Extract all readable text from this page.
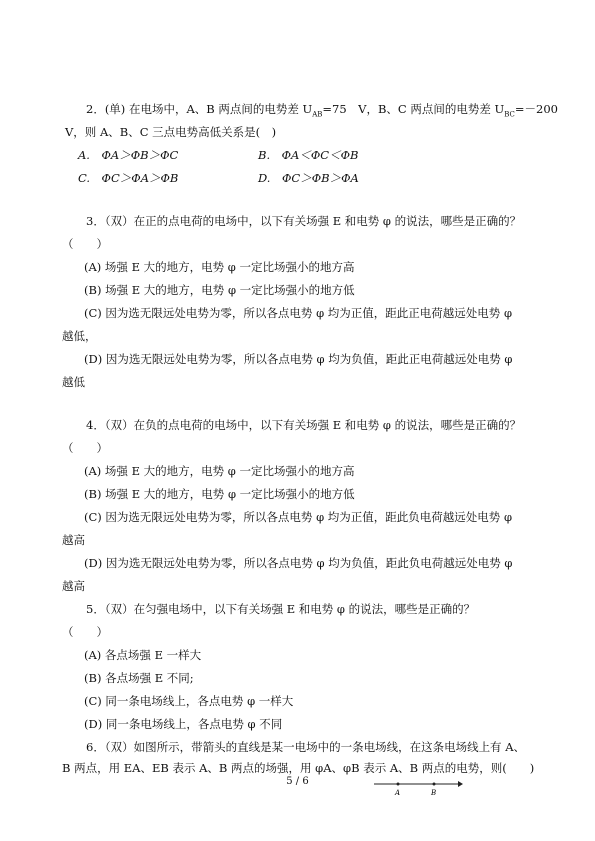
2．(单) 在电场中，A、B 两点间的电势差 $U_{AB}=75$　V，B、C 两点间的电势差 $U_{BC}=-200$
V，则 A、B、C 三点电势高低关系是(　)
A.　ΦA＞ΦB＞ΦC	B.　ΦA＜ΦC＜ΦB
C.　ΦC＞ΦA＞ΦB	D.　ΦC＞ΦB＞ΦA
3．（双）在正的点电荷的电场中，以下有关场强 E 和电势 φ 的说法，哪些是正确的？
（　　）
(A) 场强 E 大的地方，电势 φ 一定比场强小的地方高
(B) 场强 E 大的地方，电势 φ 一定比场强小的地方低
(C) 因为选无限远处电势为零，所以各点电势 φ 均为正值，距此正电荷越远处电势 φ
越低，
(D) 因为选无限远处电势为零，所以各点电势 φ 均为负值，距此正电荷越远处电势 φ
越低
4．（双）在负的点电荷的电场中，以下有关场强 E 和电势 φ 的说法，哪些是正确的？
（　　）
(A) 场强 E 大的地方，电势 φ 一定比场强小的地方高
(B) 场强 E 大的地方，电势 φ 一定比场强小的地方低
(C) 因为选无限远处电势为零，所以各点电势 φ 均为正值，距此负电荷越远处电势 φ
越高
(D) 因为选无限远处电势为零，所以各点电势 φ 均为负值，距此负电荷越远处电势 φ
越高
5．（双）在匀强电场中，以下有关场强 E 和电势 φ 的说法，哪些是正确的？
（　　）
(A) 各点场强 E 一样大
(B) 各点场强 E 不同;
(C) 同一条电场线上，各点电势 φ 一样大
(D) 同一条电场线上，各点电势 φ 不同
6．（双）如图所示，带箭头的直线是某一电场中的一条电场线，在这条电场线上有 A、
B 两点，用 EA、EB 表示 A、B 两点的场强，用 φA、φB 表示 A、B 两点的电势，则(　　)
A	B
5 / 6
